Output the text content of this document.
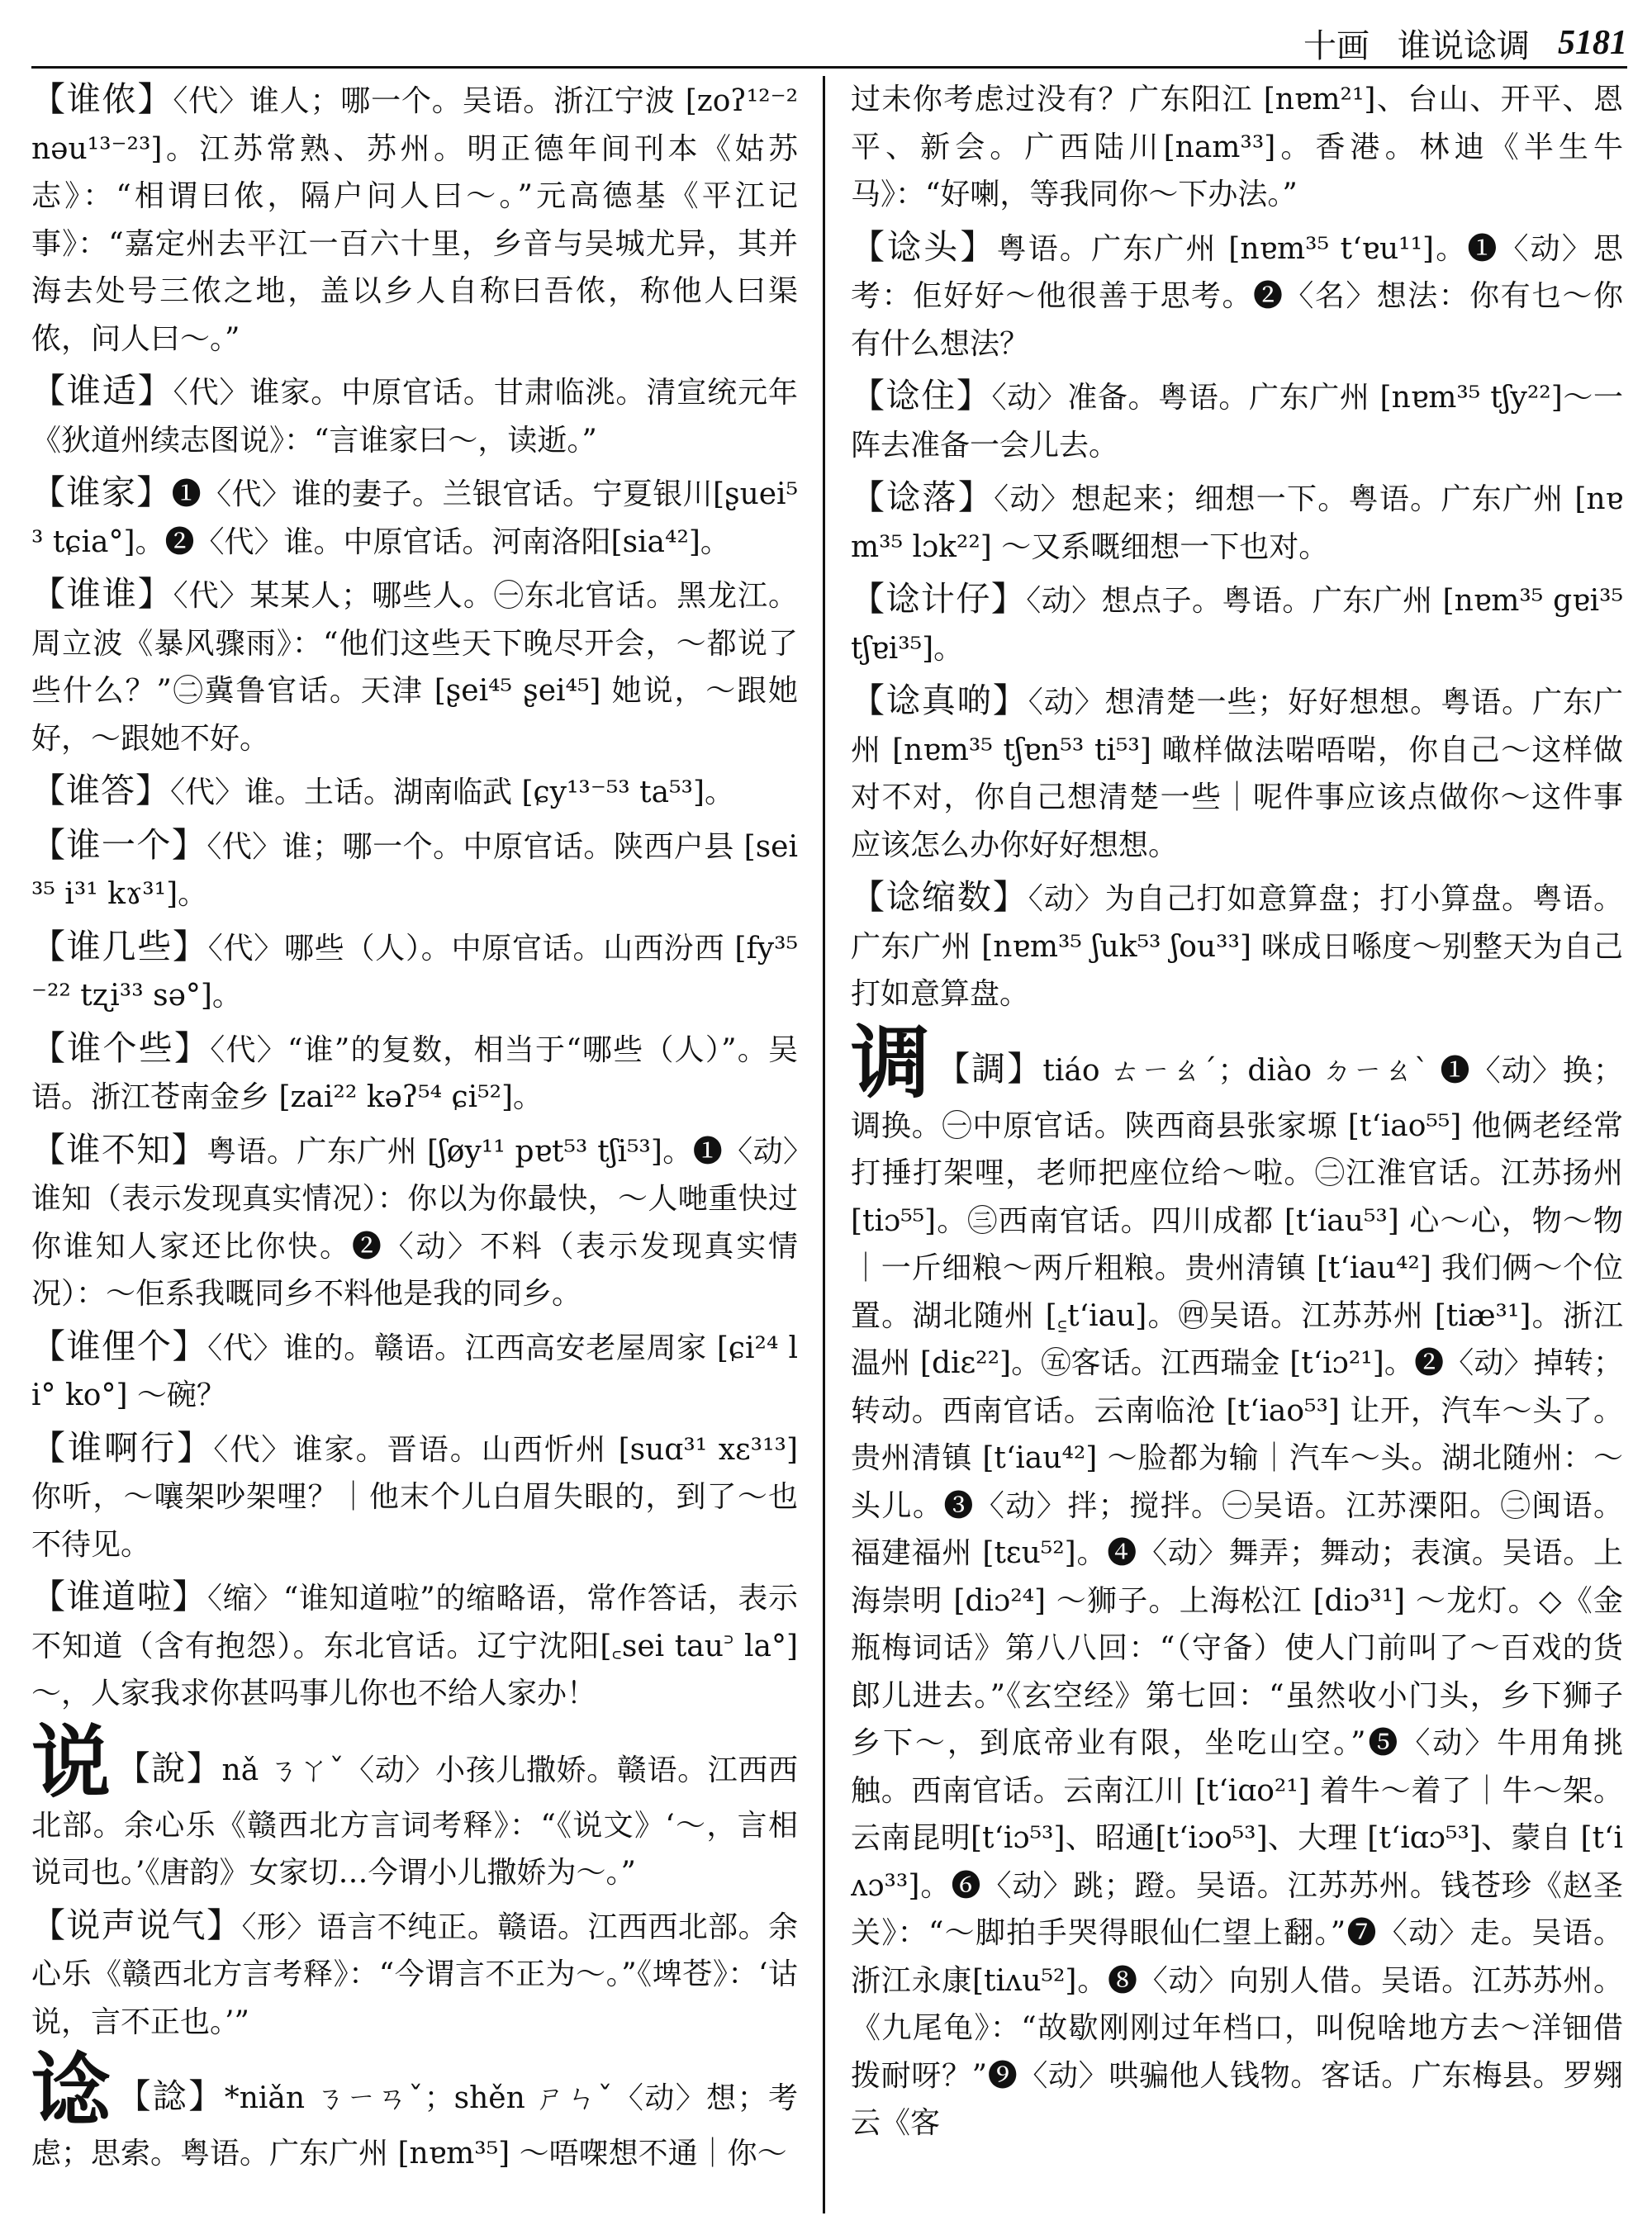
十画 谁说谂调 5181

【谁侬】〈代〉谁人；哪一个。吴语。浙江宁波 [zoʔ¹²⁻² nəu¹³⁻²³]。江苏常熟、苏州。明正德年间刊本《姑苏志》：“相谓曰侬，隔户问人曰～。”元高德基《平江记事》：“嘉定州去平江一百六十里，乡音与吴城尤异，其并海去处号三侬之地，盖以乡人自称曰吾侬，称他人曰渠侬，问人曰～。”

【谁适】〈代〉谁家。中原官话。甘肃临洮。清宣统元年《狄道州续志图说》：“言谁家曰～，读逝。”

【谁家】❶〈代〉谁的妻子。兰银官话。宁夏银川[ʂuei⁵³ tɕia°]。❷〈代〉谁。中原官话。河南洛阳[sia⁴²]。

【谁谁】〈代〉某某人；哪些人。㊀东北官话。黑龙江。周立波《暴风骤雨》：“他们这些天下晚尽开会，～都说了些什么？”㊁冀鲁官话。天津 [ʂei⁴⁵ ʂei⁴⁵] 她说，～跟她好，～跟她不好。

【谁答】〈代〉谁。土话。湖南临武 [ɕy¹³⁻⁵³ ta⁵³]。

【谁一个】〈代〉谁；哪一个。中原官话。陕西户县 [sei³⁵ i³¹ kɤ³¹]。

【谁几些】〈代〉哪些（人）。中原官话。山西汾西 [fy³⁵⁻²² tʐi³³ sə°]。

【谁个些】〈代〉“谁”的复数，相当于“哪些（人）”。吴语。浙江苍南金乡 [zai²² kəʔ⁵⁴ ɕi⁵²]。

【谁不知】粤语。广东广州 [ʃøy¹¹ pɐt⁵³ tʃi⁵³]。❶〈动〉谁知（表示发现真实情况）：你以为你最快，～人哋重快过你谁知人家还比你快。❷〈动〉不料（表示发现真实情况）：～佢系我嘅同乡不料他是我的同乡。

【谁俚个】〈代〉谁的。赣语。江西高安老屋周家 [ɕi²⁴ li° ko°] ～碗？

【谁啊行】〈代〉谁家。晋语。山西忻州 [suɑ³¹ xɛ³¹³] 你听，～嚷架吵架哩？｜他末个儿白眉失眼的，到了～也不待见。

【谁道啦】〈缩〉“谁知道啦”的缩略语，常作答话，表示不知道（含有抱怨）。东北官话。辽宁沈阳[꜀sei tau꜄ la°]～，人家我求你甚吗事儿你也不给人家办！

说 【說】nǎ ㄋㄚˇ〈动〉小孩儿撒娇。赣语。江西西北部。余心乐《赣西北方言词考释》：“《说文》‘～，言相说司也。’《唐韵》女家切…今谓小儿撒娇为～。”

【说声说气】〈形〉语言不纯正。赣语。江西西北部。余心乐《赣西北方言考释》：“今谓言不正为～。”《埤苍》：‘诂说，言不正也。’”

谂 【諗】*niǎn ㄋㄧㄢˇ；shěn ㄕㄣˇ〈动〉想；考虑；思索。粤语。广东广州 [nɐm³⁵] ～唔㗎想不通｜你～

过未你考虑过没有？广东阳江 [nɐm²¹]、台山、开平、恩平、新会。广西陆川[nam³³]。香港。林迪《半生牛马》：“好喇，等我同你～下办法。”

【谂头】粤语。广东广州 [nɐm³⁵ tʻɐu¹¹]。❶〈动〉思考：佢好好～他很善于思考。❷〈名〉想法：你有乜～你有什么想法？

【谂住】〈动〉准备。粤语。广东广州 [nɐm³⁵ tʃy²²]～一阵去准备一会儿去。

【谂落】〈动〉想起来；细想一下。粤语。广东广州 [nɐm³⁵ lɔk²²] ～又系嘅细想一下也对。

【谂计仔】〈动〉想点子。粤语。广东广州 [nɐm³⁵ gɐi³⁵ tʃɐi³⁵]。

【谂真啲】〈动〉想清楚一些；好好想想。粤语。广东广州 [nɐm³⁵ tʃɐn⁵³ ti⁵³] 噉样做法啱唔啱，你自己～这样做对不对，你自己想清楚一些｜呢件事应该点做你～这件事应该怎么办你好好想想。

【谂缩数】〈动〉为自己打如意算盘；打小算盘。粤语。广东广州 [nɐm³⁵ ʃuk⁵³ ʃou³³] 咪成日喺度～别整天为自己打如意算盘。

调 【調】tiáo ㄊㄧㄠˊ；diào ㄉㄧㄠˋ ❶〈动〉换；调换。㊀中原官话。陕西商县张家塬 [tʻiao⁵⁵] 他俩老经常打捶打架哩，老师把座位给～啦。㊁江淮官话。江苏扬州 [tiɔ⁵⁵]。㊂西南官话。四川成都 [tʻiau⁵³] 心～心，物～物｜一斤细粮～两斤粗粮。贵州清镇 [tʻiau⁴²] 我们俩～个位置。湖北随州 [꜁tʻiau]。㊃吴语。江苏苏州 [tiæ³¹]。浙江温州 [diɛ²²]。㊄客话。江西瑞金 [tʻiɔ²¹]。❷〈动〉掉转；转动。西南官话。云南临沧 [tʻiao⁵³] 让开，汽车～头了。贵州清镇 [tʻiau⁴²] ～脸都为输｜汽车～头。湖北随州：～头儿。❸〈动〉拌；搅拌。㊀吴语。江苏溧阳。㊁闽语。福建福州 [tɛu⁵²]。❹〈动〉舞弄；舞动；表演。吴语。上海崇明 [diɔ²⁴] ～狮子。上海松江 [diɔ³¹] ～龙灯。◇《金瓶梅词话》第八八回：“（守备）使人门前叫了～百戏的货郎儿进去。”《玄空经》第七回：“虽然收小门头，乡下狮子乡下～，到底帝业有限，坐吃山空。”❺〈动〉牛用角挑触。西南官话。云南江川 [tʻiɑo²¹] 着牛～着了｜牛～架。云南昆明[tʻiɔ⁵³]、昭通[tʻiɔo⁵³]、大理 [tʻiɑɔ⁵³]、蒙自 [tʻiʌɔ³³]。❻〈动〉跳；蹬。吴语。江苏苏州。钱苍珍《赵圣关》：“～脚拍手哭得眼仙仁望上翻。”❼〈动〉走。吴语。浙江永康[tiʌu⁵²]。❽〈动〉向别人借。吴语。江苏苏州。《九尾龟》：“故歇刚刚过年档口，叫倪啥地方去～洋钿借拨耐呀？”❾〈动〉哄骗他人钱物。客话。广东梅县。罗翙云《客
